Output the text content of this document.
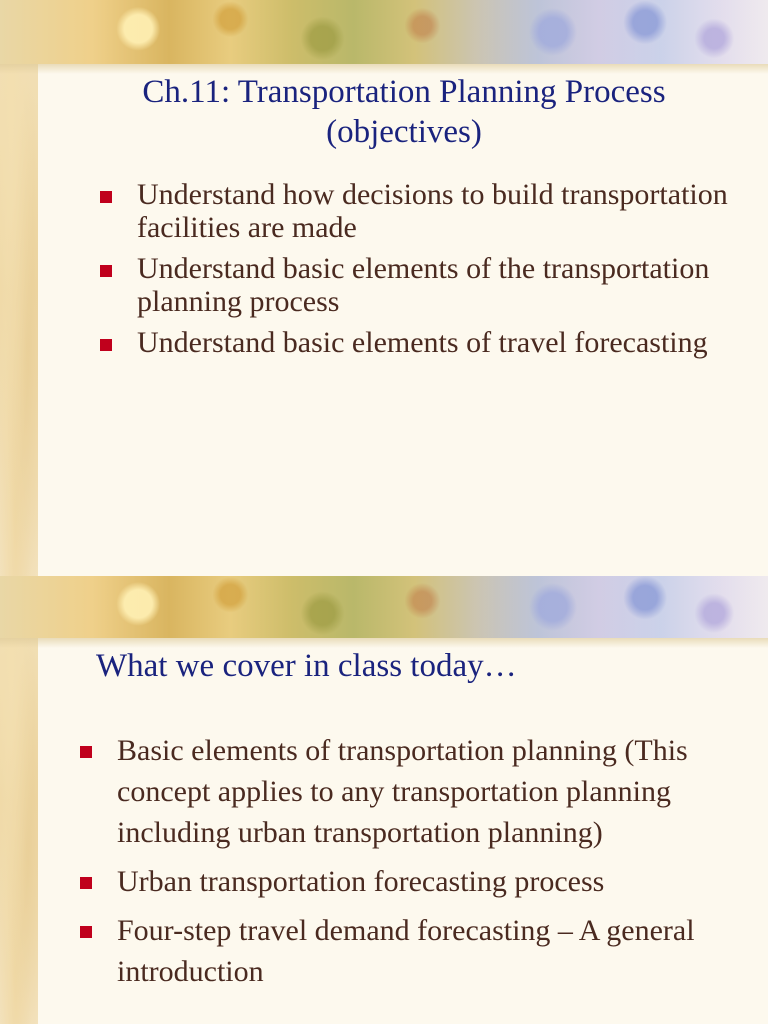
Ch.11: Transportation Planning Process
(objectives)
Understand how decisions to build transportation facilities are made
Understand basic elements of the transportation planning process
Understand basic elements of travel forecasting
What we cover in class today…
Basic elements of transportation planning (This concept applies to any transportation planning including urban transportation planning)
Urban transportation forecasting process
Four-step travel demand forecasting – A general introduction
